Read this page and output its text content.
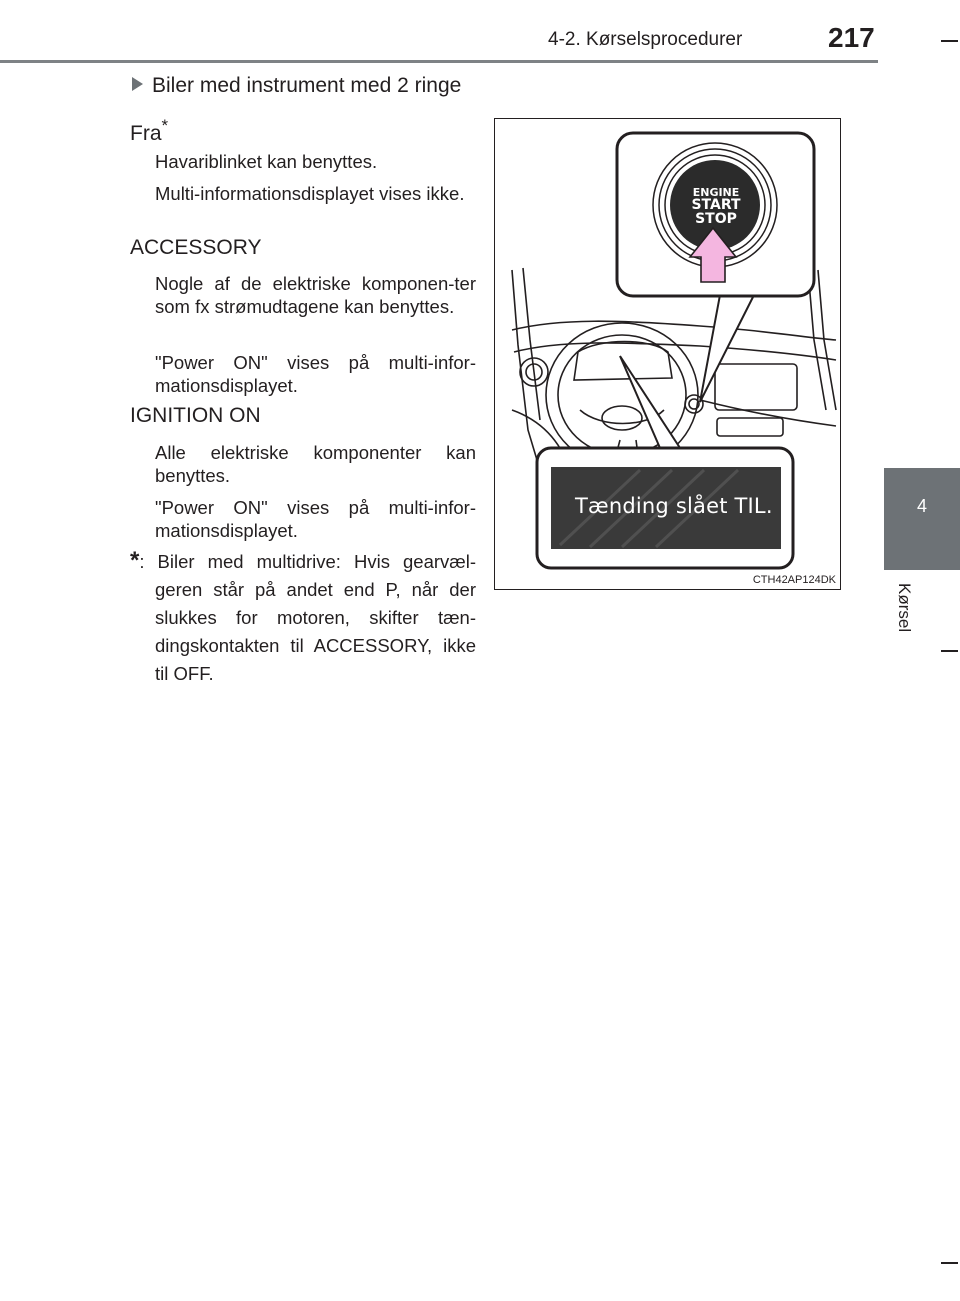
4-2. Kørselsprocedurer	217
4
Kørsel
Biler med instrument med 2 ringe
Fra*
Havariblinket kan benyttes.
Multi-informationsdisplayet vises ikke.
ACCESSORY
Nogle af de elektriske komponen-ter som fx strømudtagene kan benyttes.
"Power ON" vises på multi-infor-mationsdisplayet.
IGNITION ON
Alle elektriske komponenter kan benyttes.
"Power ON" vises på multi-infor-mationsdisplayet.
*: Biler med multidrive: Hvis gearvæl-geren står på andet end P, når der slukkes for motoren, skifter tæn-dingskontakten til ACCESSORY, ikke til OFF.
CTH42AP124DK
ENGINE
START
STOP
Tænding slået TIL.
